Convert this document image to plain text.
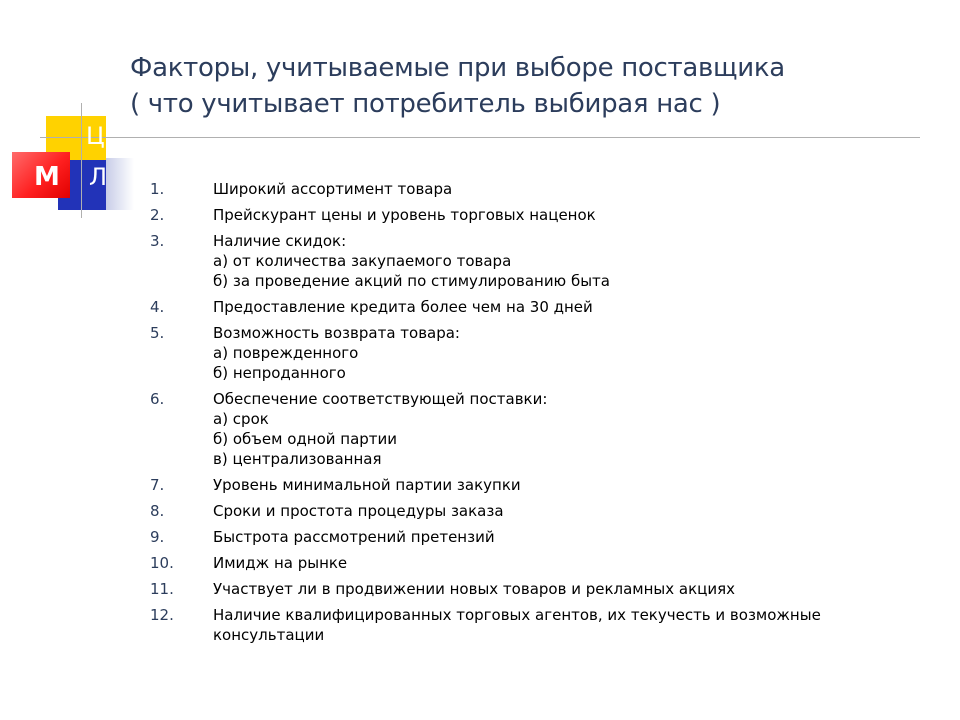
Факторы, учитываемые при выборе поставщика
( что учитывает потребитель выбирая нас )
Ц
Л
М	1.	Широкий ассортимент товара
2.	Прейскурант цены и уровень торговых наценок
3.	Наличие скидок:
а) от количества закупаемого товара
б) за проведение акций по стимулированию быта
4.	Предоставление кредита более чем на 30 дней
5.	Возможность возврата товара:
а) поврежденного
б) непроданного
6.	Обеспечение соответствующей поставки:
а) срок
б) объем одной партии
в) централизованная
7.	Уровень минимальной партии закупки
8.	Сроки и простота процедуры заказа
9.	Быстрота рассмотрений претензий
10.	Имидж на рынке
11.	Участвует ли в продвижении новых товаров и рекламных акциях
12.	Наличие квалифицированных торговых агентов, их текучесть и возможные консультации
